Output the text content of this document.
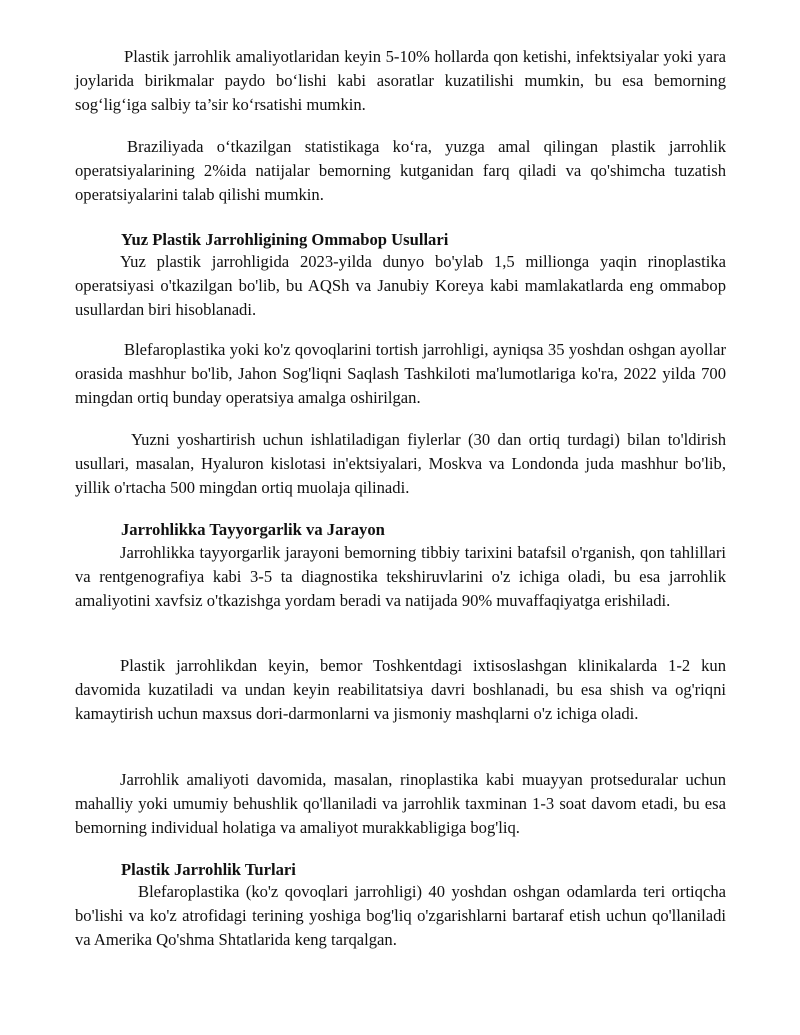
Plastik jarrohlik amaliyotlaridan keyin 5-10% hollarda qon ketishi, infektsiyalar yoki yara joylarida birikmalar paydo bo‘lishi kabi asoratlar kuzatilishi mumkin, bu esa bemorning sog‘lig‘iga salbiy ta’sir ko‘rsatishi mumkin.

Braziliyada o‘tkazilgan statistikaga ko‘ra, yuzga amal qilingan plastik jarrohlik operatsiyalarining 2%ida natijalar bemorning kutganidan farq qiladi va qo'shimcha tuzatish operatsiyalarini talab qilishi mumkin.

Yuz Plastik Jarrohligining Ommabop Usullari

Yuz plastik jarrohligida 2023-yilda dunyo bo'ylab 1,5 millionga yaqin rinoplastika operatsiyasi o'tkazilgan bo'lib, bu AQSh va Janubiy Koreya kabi mamlakatlarda eng ommabop usullardan biri hisoblanadi.

Blefaroplastika yoki ko'z qovoqlarini tortish jarrohligi, ayniqsa 35 yoshdan oshgan ayollar orasida mashhur bo'lib, Jahon Sog'liqni Saqlash Tashkiloti ma'lumotlariga ko'ra, 2022 yilda 700 mingdan ortiq bunday operatsiya amalga oshirilgan.

Yuzni yoshartirish uchun ishlatiladigan fiylerlar (30 dan ortiq turdagi) bilan to'ldirish usullari, masalan, Hyaluron kislotasi in'ektsiyalari, Moskva va Londonda juda mashhur bo'lib, yillik o'rtacha 500 mingdan ortiq muolaja qilinadi.

Jarrohlikka Tayyorgarlik va Jarayon

Jarrohlikka tayyorgarlik jarayoni bemorning tibbiy tarixini batafsil o'rganish, qon tahlillari va rentgenografiya kabi 3-5 ta diagnostika tekshiruvlarini o'z ichiga oladi, bu esa jarrohlik amaliyotini xavfsiz o'tkazishga yordam beradi va natijada 90% muvaffaqiyatga erishiladi.

Plastik jarrohlikdan keyin, bemor Toshkentdagi ixtisoslashgan klinikalarda 1-2 kun davomida kuzatiladi va undan keyin reabilitatsiya davri boshlanadi, bu esa shish va og'riqni kamaytirish uchun maxsus dori-darmonlarni va jismoniy mashqlarni o'z ichiga oladi.

Jarrohlik amaliyoti davomida, masalan, rinoplastika kabi muayyan protseduralar uchun mahalliy yoki umumiy behushlik qo'llaniladi va jarrohlik taxminan 1-3 soat davom etadi, bu esa bemorning individual holatiga va amaliyot murakkabligiga bog'liq.

Plastik Jarrohlik Turlari

Blefaroplastika (ko'z qovoqlari jarrohligi) 40 yoshdan oshgan odamlarda teri ortiqcha bo'lishi va ko'z atrofidagi terining yoshiga bog'liq o'zgarishlarni bartaraf etish uchun qo'llaniladi va Amerika Qo'shma Shtatlarida keng tarqalgan.
